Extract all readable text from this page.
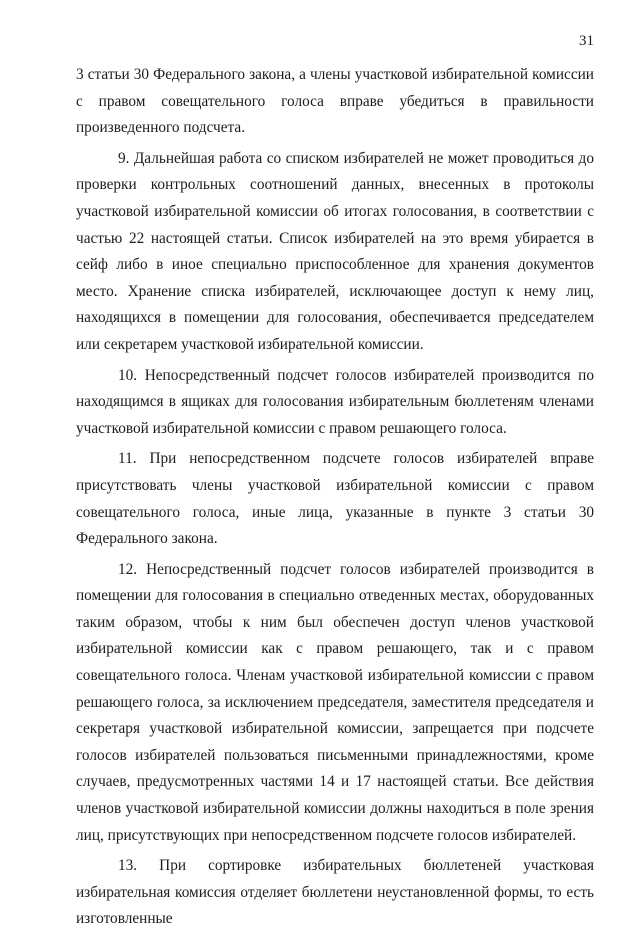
31

3 статьи 30 Федерального закона, а члены участковой избирательной комиссии с правом совещательного голоса вправе убедиться в правильности произведенного подсчета.

9. Дальнейшая работа со списком избирателей не может проводиться до проверки контрольных соотношений данных, внесенных в протоколы участковой избирательной комиссии об итогах голосования, в соответствии с частью 22 настоящей статьи. Список избирателей на это время убирается в сейф либо в иное специально приспособленное для хранения документов место. Хранение списка избирателей, исключающее доступ к нему лиц, находящихся в помещении для голосования, обеспечивается председателем или секретарем участковой избирательной комиссии.

10. Непосредственный подсчет голосов избирателей производится по находящимся в ящиках для голосования избирательным бюллетеням членами участковой избирательной комиссии с правом решающего голоса.

11. При непосредственном подсчете голосов избирателей вправе присутствовать члены участковой избирательной комиссии с правом совещательного голоса, иные лица, указанные в пункте 3 статьи 30 Федерального закона.

12. Непосредственный подсчет голосов избирателей производится в помещении для голосования в специально отведенных местах, оборудованных таким образом, чтобы к ним был обеспечен доступ членов участковой избирательной комиссии как с правом решающего, так и с правом совещательного голоса. Членам участковой избирательной комиссии с правом решающего голоса, за исключением председателя, заместителя председателя и секретаря участковой избирательной комиссии, запрещается при подсчете голосов избирателей пользоваться письменными принадлежностями, кроме случаев, предусмотренных частями 14 и 17 настоящей статьи. Все действия членов участковой избирательной комиссии должны находиться в поле зрения лиц, присутствующих при непосредственном подсчете голосов избирателей.

13. При сортировке избирательных бюллетеней участковая избирательная комиссия отделяет бюллетени неустановленной формы, то есть изготовленные
